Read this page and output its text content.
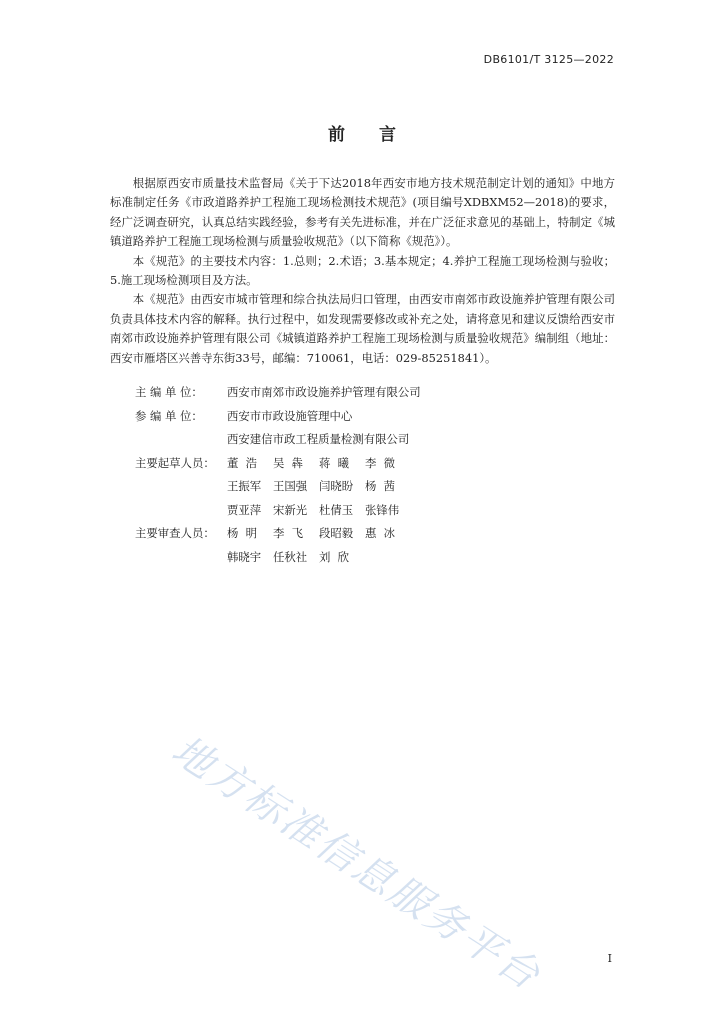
DB6101/T 3125—2022
前 言

根据原西安市质量技术监督局《关于下达2018年西安市地方技术规范制定计划的通知》中地方标准制定任务《市政道路养护工程施工现场检测技术规范》(项目编号XDBXM52—2018)的要求，经广泛调查研究，认真总结实践经验，参考有关先进标准，并在广泛征求意见的基础上，特制定《城镇道路养护工程施工现场检测与质量验收规范》（以下简称《规范》）。

本《规范》的主要技术内容：1.总则；2.术语；3.基本规定；4.养护工程施工现场检测与验收；5.施工现场检测项目及方法。

本《规范》由西安市城市管理和综合执法局归口管理，由西安市南郊市政设施养护管理有限公司负责具体技术内容的解释。执行过程中，如发现需要修改或补充之处，请将意见和建议反馈给西安市南郊市政设施养护管理有限公司《城镇道路养护工程施工现场检测与质量验收规范》编制组（地址：西安市雁塔区兴善寺东街33号，邮编：710061，电话：029-85251841）。

主 编 单 位：	西安市南郊市政设施养护管理有限公司
参 编 单 位：	西安市市政设施管理中心
西安建信市政工程质量检测有限公司
主要起草人员：	董  浩	吴  犇	蒋  曦	李  微
王振军	王国强	闫晓盼	杨  茜
贾亚萍	宋新光	杜倩玉	张锋伟
主要审查人员：	杨  明	李  飞	段昭毅	惠  冰
韩晓宇	任秋社	刘  欣
地方标准信息服务平台	I
